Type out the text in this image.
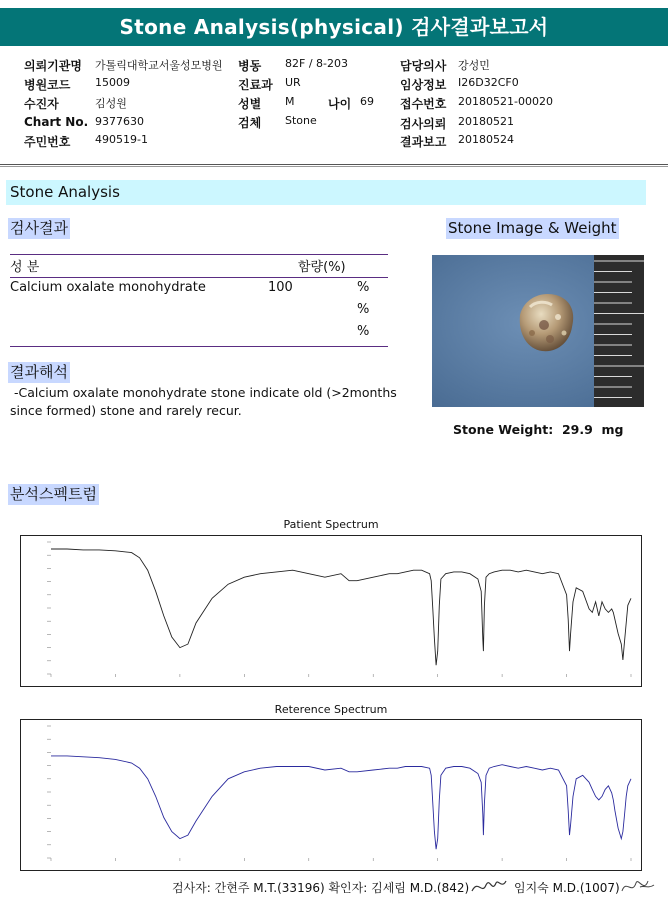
Stone Analysis(physical) 검사결과보고서
의뢰기관명 가톨릭대학교서울성모병원 병동 82F / 8-203	담당의사 강성민
병원코드 15009	진료과 UR	임상정보 I26D32CF0
수진자	김성원	성별 M	나이 69 접수번호 20180521-00020
Chart No. 9377630	검체 Stone	검사의뢰 20180521
주민번호 490519-1	결과보고 20180524
Stone Analysis
검사결과	Stone Image & Weight
성 분	함량(%)
Calcium oxalate monohydrate	100	%
%
%
결과해석
-Calcium oxalate monohydrate stone indicate old (>2months
since formed) stone and rarely recur.
Stone Weight: 29.9 mg
분석스펙트럼
Patient Spectrum
Reterence Spectrum
검사자: 간현주 M.T.(33196) 확인자: 김세림 M.D.(842)	임지숙 M.D.(1007)
